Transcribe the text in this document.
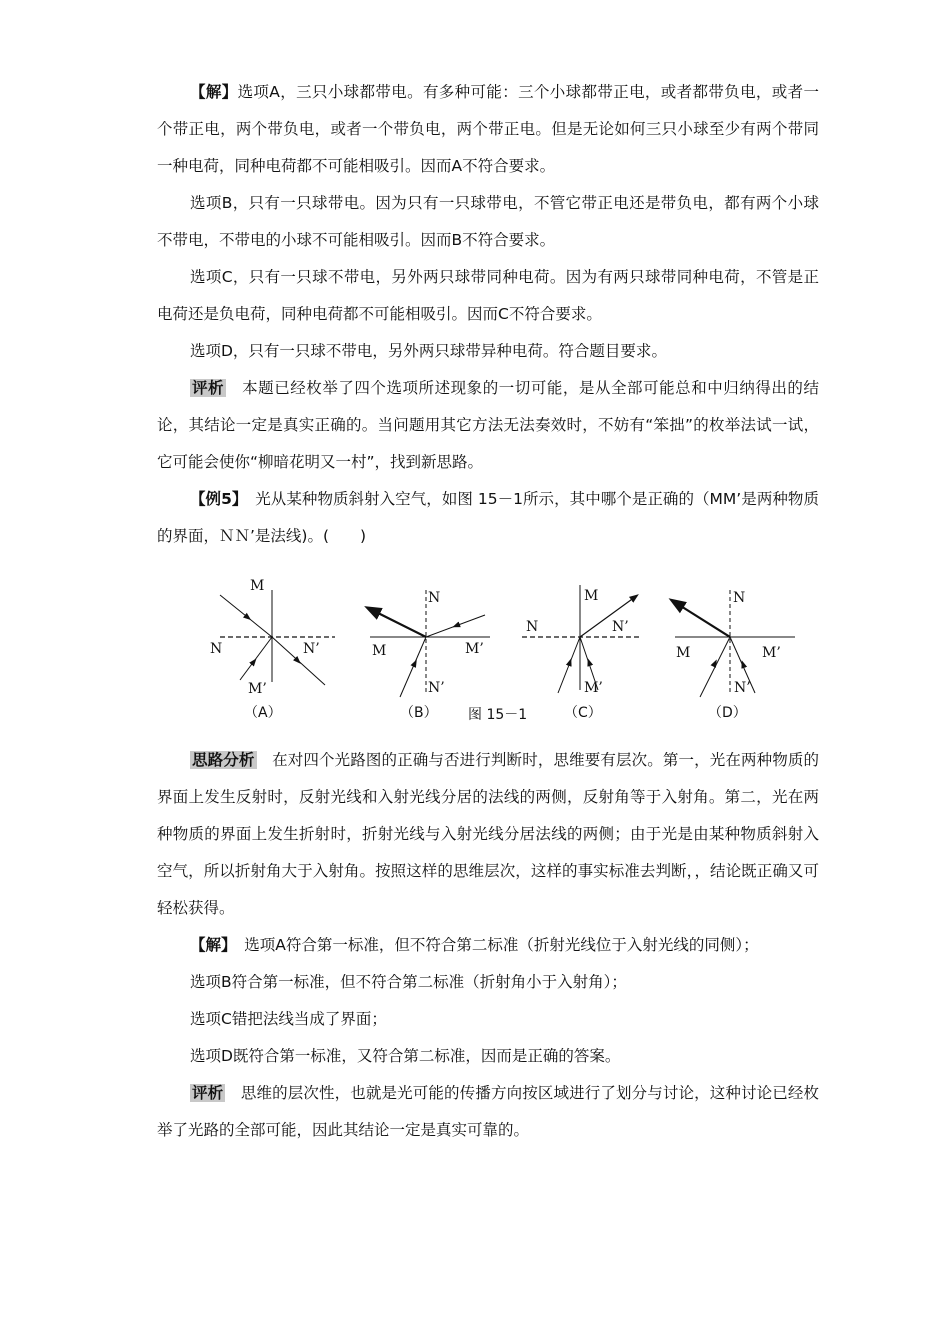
【解】选项A，三只小球都带电。有多种可能：三个小球都带正电，或者都带负电，或者一个带正电，两个带负电，或者一个带负电，两个带正电。但是无论如何三只小球至少有两个带同一种电荷，同种电荷都不可能相吸引。因而A不符合要求。

选项B，只有一只球带电。因为只有一只球带电，不管它带正电还是带负电，都有两个小球不带电，不带电的小球不可能相吸引。因而B不符合要求。

选项C，只有一只球不带电，另外两只球带同种电荷。因为有两只球带同种电荷，不管是正电荷还是负电荷，同种电荷都不可能相吸引。因而C不符合要求。

选项D，只有一只球不带电，另外两只球带异种电荷。符合题目要求。

评析　 本题已经枚举了四个选项所述现象的一切可能，是从全部可能总和中归纳得出的结论，其结论一定是真实正确的。当问题用其它方法无法奏效时，不妨有“笨拙”的枚举法试一试，它可能会使你“柳暗花明又一村”，找到新思路。

【例5】　 光从某种物质斜射入空气，如图 15－1所示，其中哪个是正确的（MM’是两种物质的界面，ＮＮ’是法线)。(　　)

M
N	N’
M’
（A）
N
M	M’
N’
（B） 图 15－1
M
N	N’
M’
（C）
N
M	M’
N’
（D）

思路分析　 在对四个光路图的正确与否进行判断时，思维要有层次。第一，光在两种物质的界面上发生反射时，反射光线和入射光线分居的法线的两侧，反射角等于入射角。第二，光在两种物质的界面上发生折射时，折射光线与入射光线分居法线的两侧；由于光是由某种物质斜射入空气，所以折射角大于入射角。按照这样的思维层次，这样的事实标准去判断，，结论既正确又可轻松获得。

【解】　 选项A符合第一标准，但不符合第二标准（折射光线位于入射光线的同侧）；

选项B符合第一标准，但不符合第二标准（折射角小于入射角）；

选项C错把法线当成了界面；

选项D既符合第一标准，又符合第二标准，因而是正确的答案。

评析　 思维的层次性，也就是光可能的传播方向按区域进行了划分与讨论，这种讨论已经枚举了光路的全部可能，因此其结论一定是真实可靠的。
